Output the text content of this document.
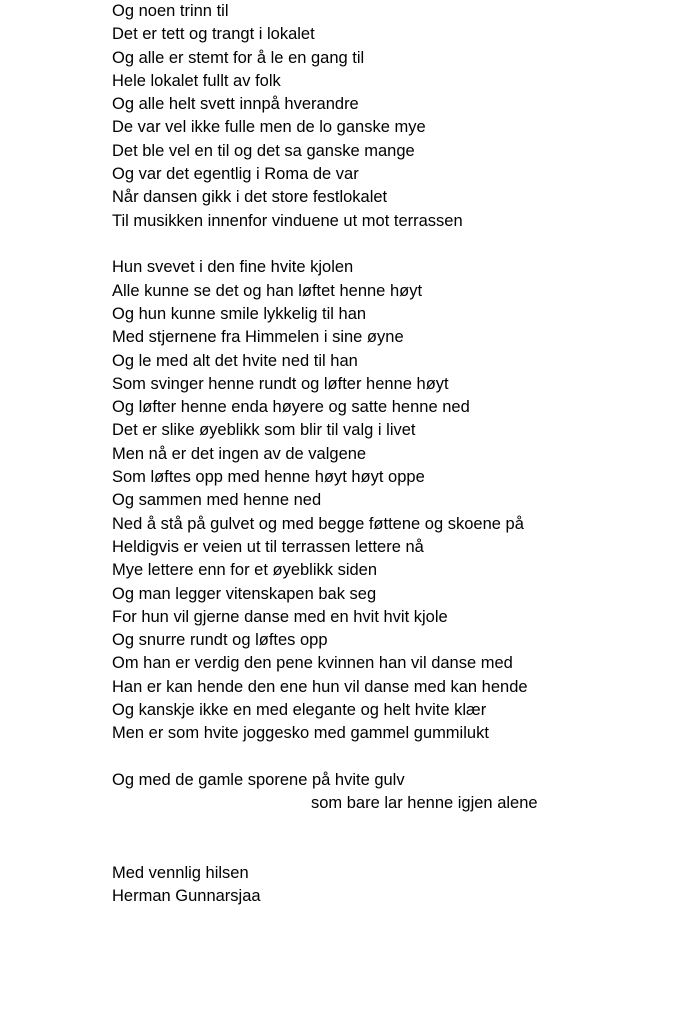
Og noen trinn til
Det er tett og trangt i lokalet
Og alle er stemt for å le en gang til
Hele lokalet fullt av folk
Og alle helt svett innpå hverandre
De var vel ikke fulle men de lo ganske mye
Det ble vel en til og det sa ganske mange
Og var det egentlig i Roma de var
Når dansen gikk i det store festlokalet
Til musikken innenfor vinduene ut mot terrassen
Hun svevet i den fine hvite kjolen
Alle kunne se det og han løftet henne høyt
Og hun kunne smile lykkelig til han
Med stjernene fra Himmelen i sine øyne
Og le med alt det hvite ned til han
Som svinger henne rundt og løfter henne høyt
Og løfter henne enda høyere og satte henne ned
Det er slike øyeblikk som blir til valg i livet
Men nå er det ingen av de valgene
Som løftes opp med henne høyt høyt oppe
Og sammen med henne ned
Ned å stå på gulvet og med begge føttene og skoene på
Heldigvis er veien ut til terrassen lettere nå
Mye lettere enn for et øyeblikk siden
Og man legger vitenskapen bak seg
For hun vil gjerne danse med en hvit hvit kjole
Og snurre rundt og løftes opp
Om han er verdig den pene kvinnen han vil danse med
Han er kan hende den ene hun vil danse med kan hende
Og kanskje ikke en med elegante og helt hvite klær
Men er som hvite joggesko med gammel gummilukt
Og med de gamle sporene på hvite gulv
som bare lar henne igjen alene
Med vennlig hilsen
Herman Gunnarsjaa
